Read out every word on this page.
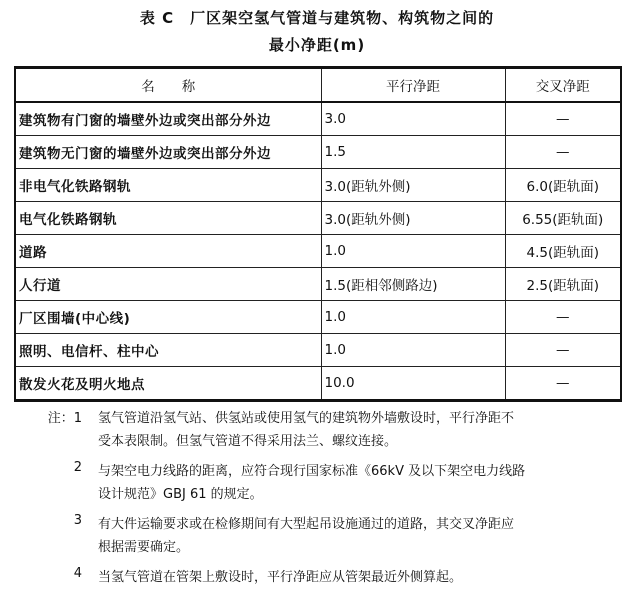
表 C　厂区架空氢气管道与建筑物、构筑物之间的
最小净距(m)
名　　称	平行净距	交叉净距
建筑物有门窗的墙壁外边或突出部分外边	3.0	—
建筑物无门窗的墙壁外边或突出部分外边	1.5	—
非电气化铁路钢轨	3.0(距轨外侧)	6.0(距轨面)
电气化铁路钢轨	3.0(距轨外侧)	6.55(距轨面)
道路	1.0	4.5(距轨面)
人行道	1.5(距相邻侧路边)	2.5(距轨面)
厂区围墙(中心线)	1.0	—
照明、电信杆、柱中心	1.0	—
散发火花及明火地点	10.0	—
注：1 氢气管道沿氢气站、供氢站或使用氢气的建筑物外墙敷设时，平行净距不
受本表限制。但氢气管道不得采用法兰、螺纹连接。
2 与架空电力线路的距离，应符合现行国家标准《66kV 及以下架空电力线路
设计规范》GBJ 61 的规定。
3 有大件运输要求或在检修期间有大型起吊设施通过的道路，其交叉净距应
根据需要确定。
4 当氢气管道在管架上敷设时，平行净距应从管架最近外侧算起。
